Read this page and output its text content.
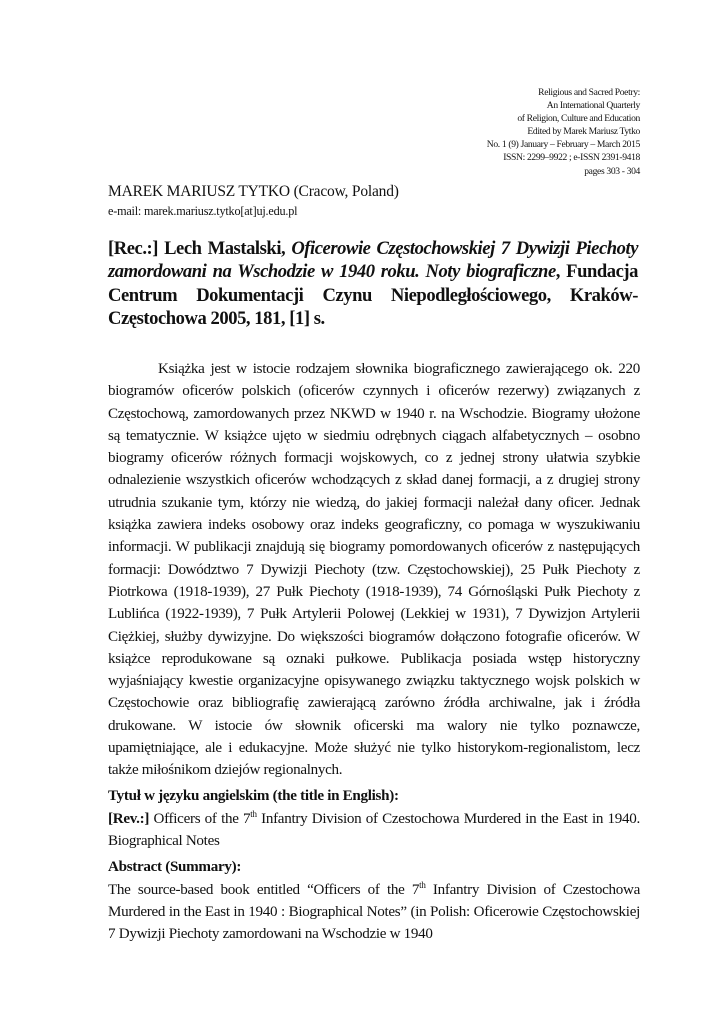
Religious and Sacred Poetry:
An International Quarterly
of Religion, Culture and Education
Edited by Marek Mariusz Tytko
No. 1 (9) January – February – March 2015
ISSN: 2299–9922 ; e-ISSN 2391-9418
pages 303 - 304
MAREK MARIUSZ TYTKO (Cracow, Poland)
e-mail: marek.mariusz.tytko[at]uj.edu.pl
[Rec.:] Lech Mastalski, Oficerowie Częstochowskiej 7 Dywizji Piechoty zamordowani na Wschodzie w 1940 roku. Noty biograficzne, Fundacja Centrum Dokumentacji Czynu Niepodległościowego, Kraków-Częstochowa 2005, 181, [1] s.

Książka jest w istocie rodzajem słownika biograficznego zawierającego ok. 220 biogramów oficerów polskich (oficerów czynnych i oficerów rezerwy) związanych z Częstochową, zamordowanych przez NKWD w 1940 r. na Wschodzie. Biogramy ułożone są tematycznie. W książce ujęto w siedmiu odrębnych ciągach alfabetycznych – osobno biogramy oficerów różnych formacji wojskowych, co z jednej strony ułatwia szybkie odnalezienie wszystkich oficerów wchodzących z skład danej formacji, a z drugiej strony utrudnia szukanie tym, którzy nie wiedzą, do jakiej formacji należał dany oficer. Jednak książka zawiera indeks osobowy oraz indeks geograficzny, co pomaga w wyszukiwaniu informacji. W publikacji znajdują się biogramy pomordowanych oficerów z następujących formacji: Dowództwo 7 Dywizji Piechoty (tzw. Częstochowskiej), 25 Pułk Piechoty z Piotrkowa (1918-1939), 27 Pułk Piechoty (1918-1939), 74 Górnośląski Pułk Piechoty z Lublińca (1922-1939), 7 Pułk Artylerii Polowej (Lekkiej w 1931), 7 Dywizjon Artylerii Ciężkiej, służby dywizyjne. Do większości biogramów dołączono fotografie oficerów. W książce reprodukowane są oznaki pułkowe. Publikacja posiada wstęp historyczny wyjaśniający kwestie organizacyjne opisywanego związku taktycznego wojsk polskich w Częstochowie oraz bibliografię zawierającą zarówno źródła archiwalne, jak i źródła drukowane. W istocie ów słownik oficerski ma walory nie tylko poznawcze, upamiętniające, ale i edukacyjne. Może służyć nie tylko historykom-regionalistom, lecz także miłośnikom dziejów regionalnych.

Tytuł w języku angielskim (the title in English):

[Rev.:] Officers of the 7th Infantry Division of Czestochowa Murdered in the East in 1940. Biographical Notes

Abstract (Summary):

The source-based book entitled “Officers of the 7th Infantry Division of Czestochowa Murdered in the East in 1940 : Biographical Notes” (in Polish: Oficerowie Częstochowskiej 7 Dywizji Piechoty zamordowani na Wschodzie w 1940
